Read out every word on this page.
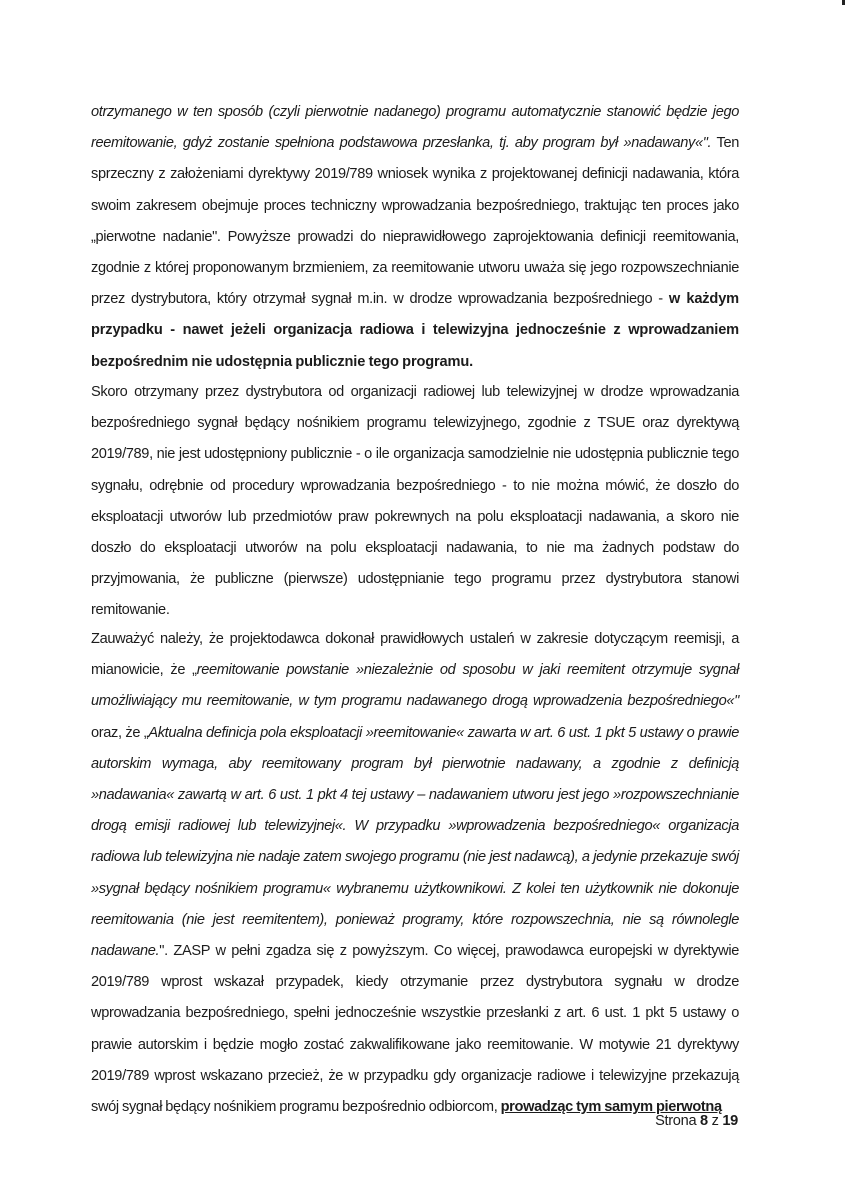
otrzymanego w ten sposób (czyli pierwotnie nadanego) programu automatycznie stanowić będzie jego reemitowanie, gdyż zostanie spełniona podstawowa przesłanka, tj. aby program był »nadawany«". Ten sprzeczny z założeniami dyrektywy 2019/789 wniosek wynika z projektowanej definicji nadawania, która swoim zakresem obejmuje proces techniczny wprowadzania bezpośredniego, traktując ten proces jako „pierwotne nadanie". Powyższe prowadzi do nieprawidłowego zaprojektowania definicji reemitowania, zgodnie z której proponowanym brzmieniem, za reemitowanie utworu uważa się jego rozpowszechnianie przez dystrybutora, który otrzymał sygnał m.in. w drodze wprowadzania bezpośredniego - w każdym przypadku - nawet jeżeli organizacja radiowa i telewizyjna jednocześnie z wprowadzaniem bezpośrednim nie udostępnia publicznie tego programu.

Skoro otrzymany przez dystrybutora od organizacji radiowej lub telewizyjnej w drodze wprowadzania bezpośredniego sygnał będący nośnikiem programu telewizyjnego, zgodnie z TSUE oraz dyrektywą 2019/789, nie jest udostępniony publicznie - o ile organizacja samodzielnie nie udostępnia publicznie tego sygnału, odrębnie od procedury wprowadzania bezpośredniego - to nie można mówić, że doszło do eksploatacji utworów lub przedmiotów praw pokrewnych na polu eksploatacji nadawania, a skoro nie doszło do eksploatacji utworów na polu eksploatacji nadawania, to nie ma żadnych podstaw do przyjmowania, że publiczne (pierwsze) udostępnianie tego programu przez dystrybutora stanowi remitowanie.

Zauważyć należy, że projektodawca dokonał prawidłowych ustaleń w zakresie dotyczącym reemisji, a mianowicie, że „reemitowanie powstanie »niezależnie od sposobu w jaki reemitent otrzymuje sygnał umożliwiający mu reemitowanie, w tym programu nadawanego drogą wprowadzenia bezpośredniego«" oraz, że „Aktualna definicja pola eksploatacji »reemitowanie« zawarta w art. 6 ust. 1 pkt 5 ustawy o prawie autorskim wymaga, aby reemitowany program był pierwotnie nadawany, a zgodnie z definicją »nadawania« zawartą w art. 6 ust. 1 pkt 4 tej ustawy – nadawaniem utworu jest jego »rozpowszechnianie drogą emisji radiowej lub telewizyjnej«. W przypadku »wprowadzenia bezpośredniego« organizacja radiowa lub telewizyjna nie nadaje zatem swojego programu (nie jest nadawcą), a jedynie przekazuje swój »sygnał będący nośnikiem programu« wybranemu użytkownikowi. Z kolei ten użytkownik nie dokonuje reemitowania (nie jest reemitentem), ponieważ programy, które rozpowszechnia, nie są równolegle nadawane.". ZASP w pełni zgadza się z powyższym. Co więcej, prawodawca europejski w dyrektywie 2019/789 wprost wskazał przypadek, kiedy otrzymanie przez dystrybutora sygnału w drodze wprowadzania bezpośredniego, spełni jednocześnie wszystkie przesłanki z art. 6 ust. 1 pkt 5 ustawy o prawie autorskim i będzie mogło zostać zakwalifikowane jako reemitowanie. W motywie 21 dyrektywy 2019/789 wprost wskazano przecież, że w przypadku gdy organizacje radiowe i telewizyjne przekazują swój sygnał będący nośnikiem programu bezpośrednio odbiorcom, prowadząc tym samym pierwotną

Strona 8 z 19
